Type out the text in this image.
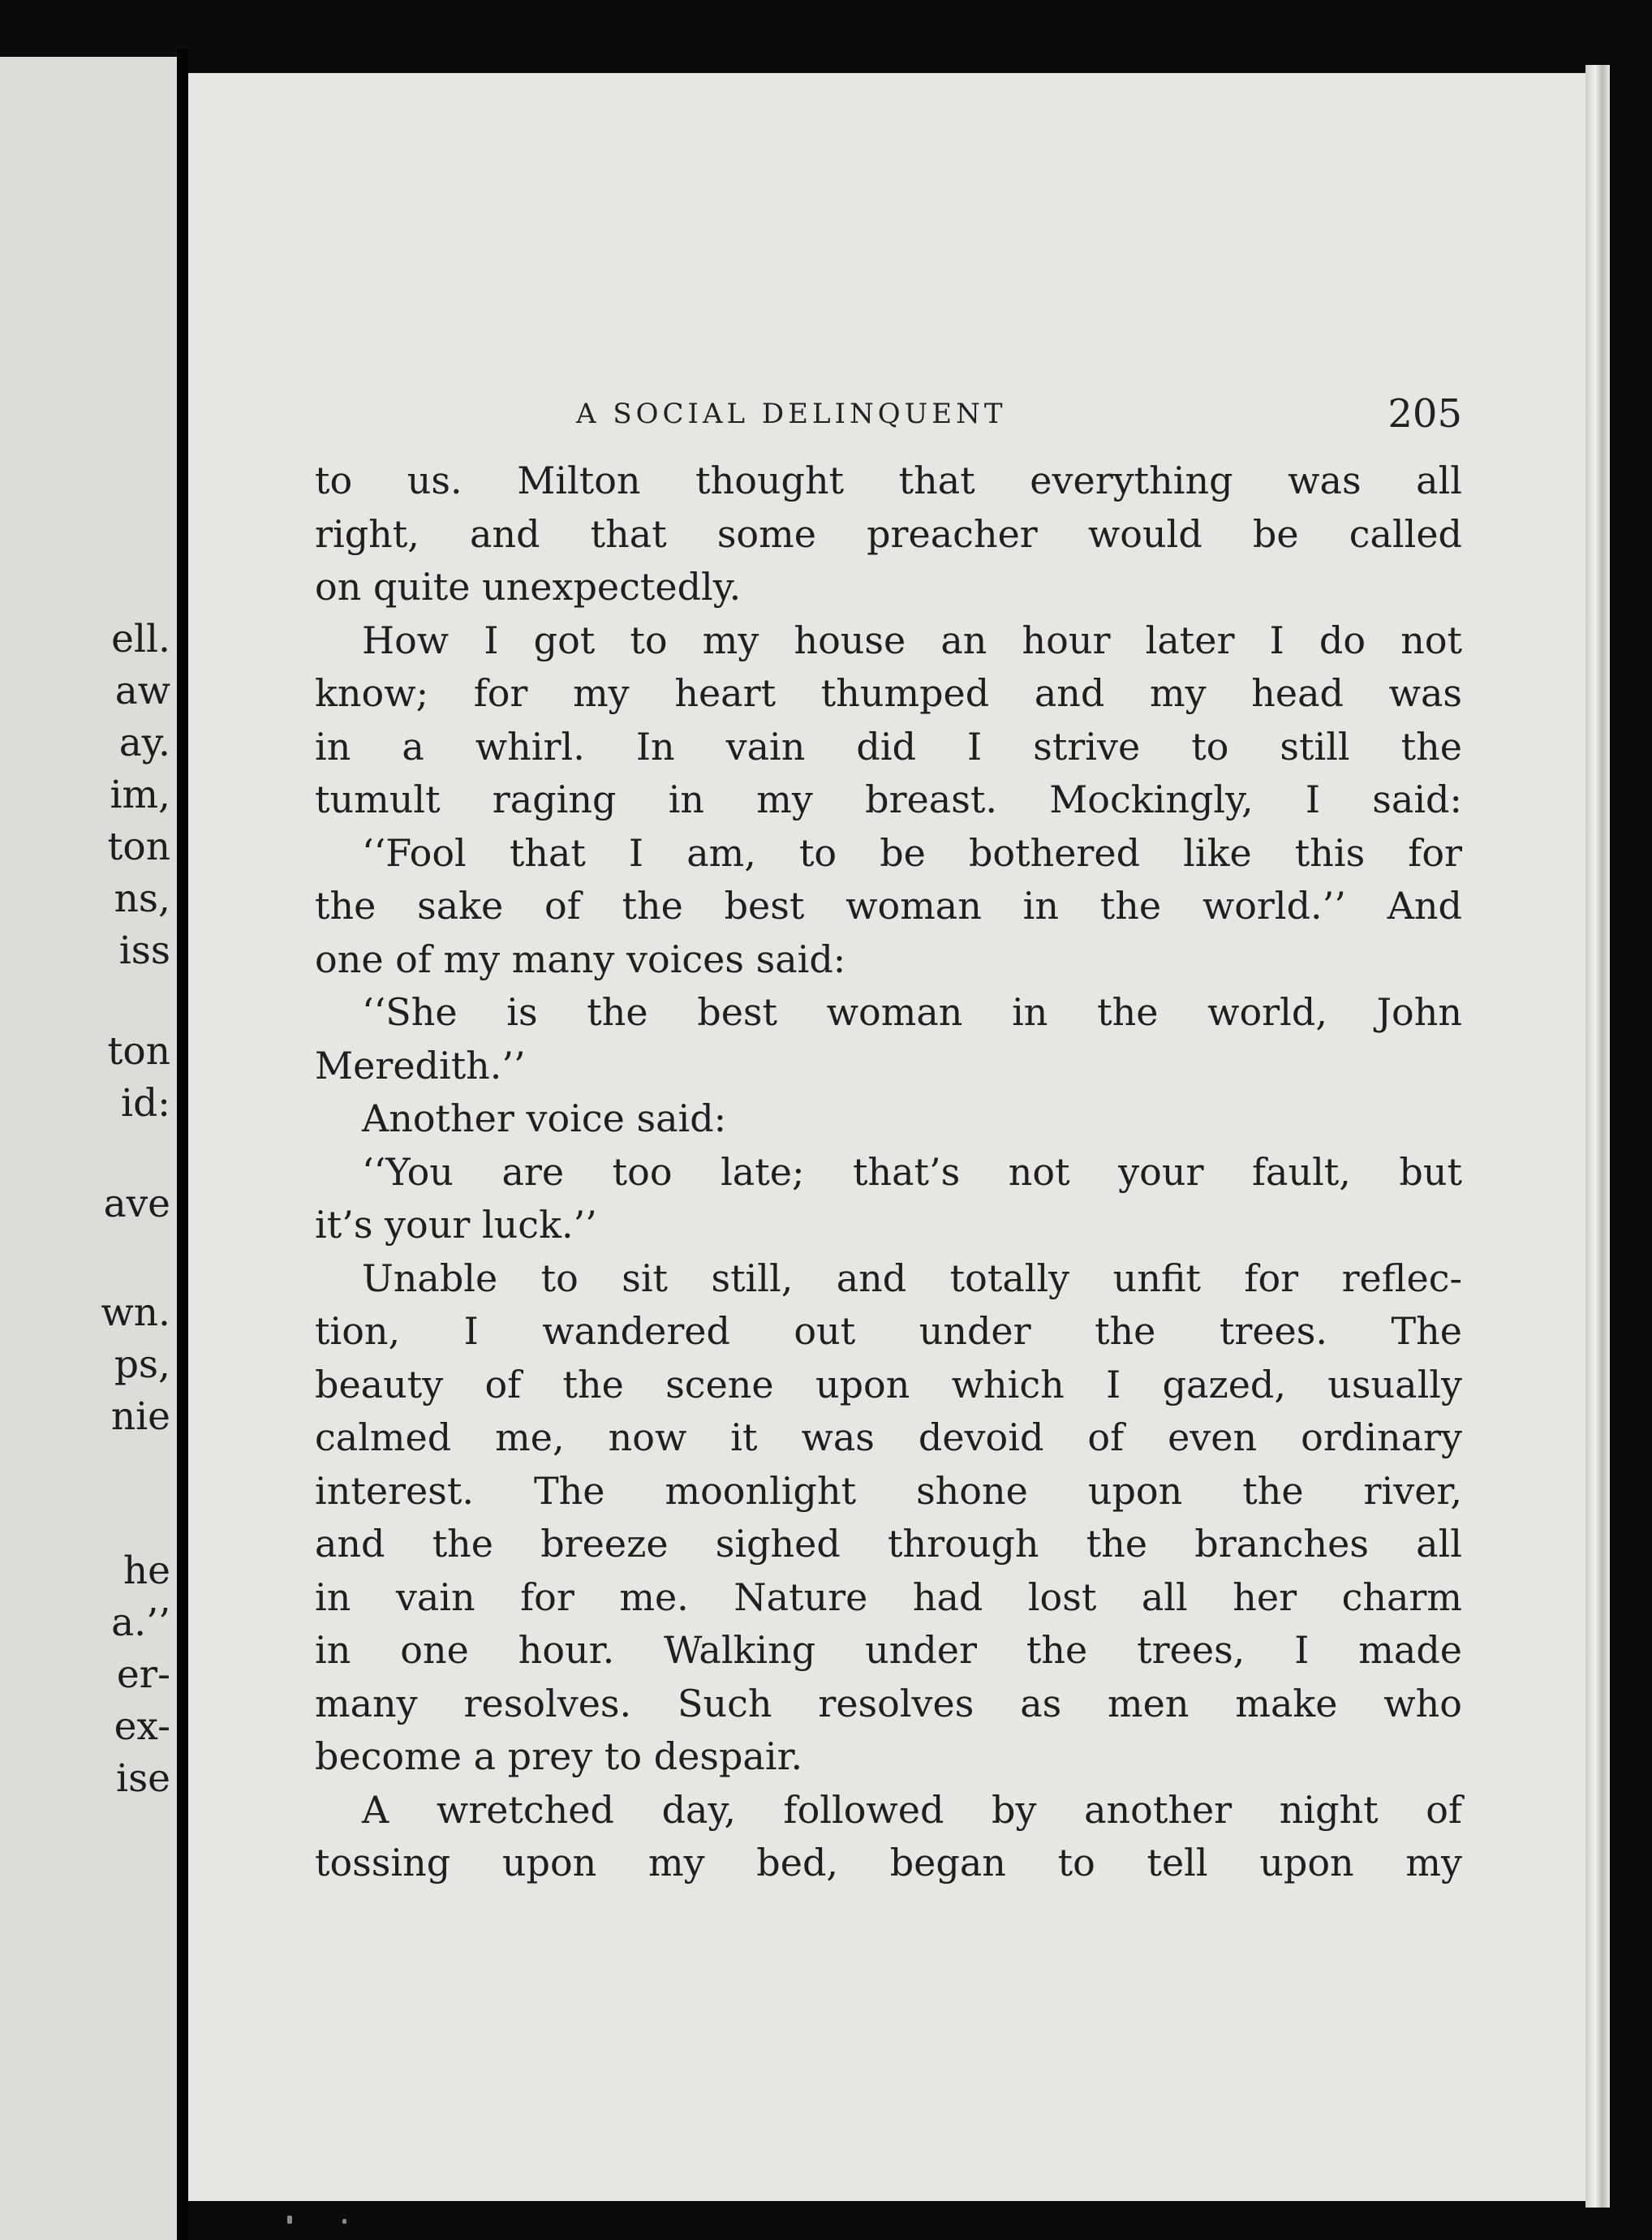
ell.
aw
ay.
im,
ton
ns,
iss
ton
id:
ave
wn.
ps,
nie
he
a.’’
er-
ex-
ise
A SOCIAL DELINQUENT	205
to us. Milton thought that everything was all
right, and that some preacher would be called
on quite unexpectedly.
How I got to my house an hour later I do not
know; for my heart thumped and my head was
in a whirl. In vain did I strive to still the
tumult raging in my breast. Mockingly, I said:
‘‘Fool that I am, to be bothered like this for
the sake of the best woman in the world.’’ And
one of my many voices said:
‘‘She is the best woman in the world, John
Meredith.’’
Another voice said:
‘‘You are too late; that’s not your fault, but
it’s your luck.’’
Unable to sit still, and totally unfit for reflec-
tion, I wandered out under the trees. The
beauty of the scene upon which I gazed, usually
calmed me, now it was devoid of even ordinary
interest. The moonlight shone upon the river,
and the breeze sighed through the branches all
in vain for me. Nature had lost all her charm
in one hour. Walking under the trees, I made
many resolves. Such resolves as men make who
become a prey to despair.
A wretched day, followed by another night of
tossing upon my bed, began to tell upon my
